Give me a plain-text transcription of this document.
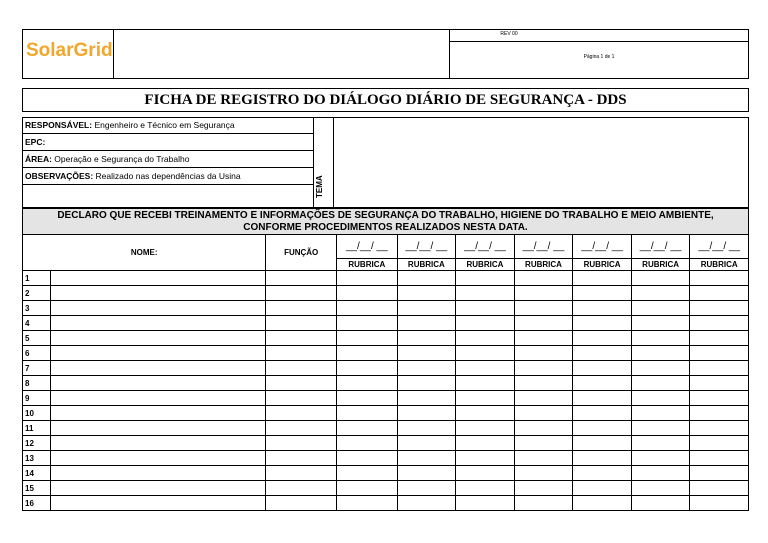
SolarGrid
REV 00
Página 1 de 1
FICHA DE REGISTRO DO DIÁLOGO DIÁRIO DE SEGURANÇA - DDS
RESPONSÁVEL: Engenheiro e Técnico em Segurança
EPC:
ÁREA: Operação e Segurança do Trabalho
OBSERVAÇÕES: Realizado nas dependências da Usina	TEMA
DECLARO QUE RECEBI TREINAMENTO E INFORMAÇÕES DE SEGURANÇA DO TRABALHO, HIGIENE DO TRABALHO E MEIO AMBIENTE,
CONFORME PROCEDIMENTOS REALIZADOS NESTA DATA.
NOME:		FUNÇÃO	__/__/ __	__/__/ __	__/__/ __	__/__/ __	__/__/ __	__/__/ __	__/__/ __
			RUBRICA	RUBRICA	RUBRICA	RUBRICA	RUBRICA	RUBRICA	RUBRICA
1									
2									
3									
4									
5									
6									
7									
8									
9									
10									
11									
12									
13									
14									
15									
16									
